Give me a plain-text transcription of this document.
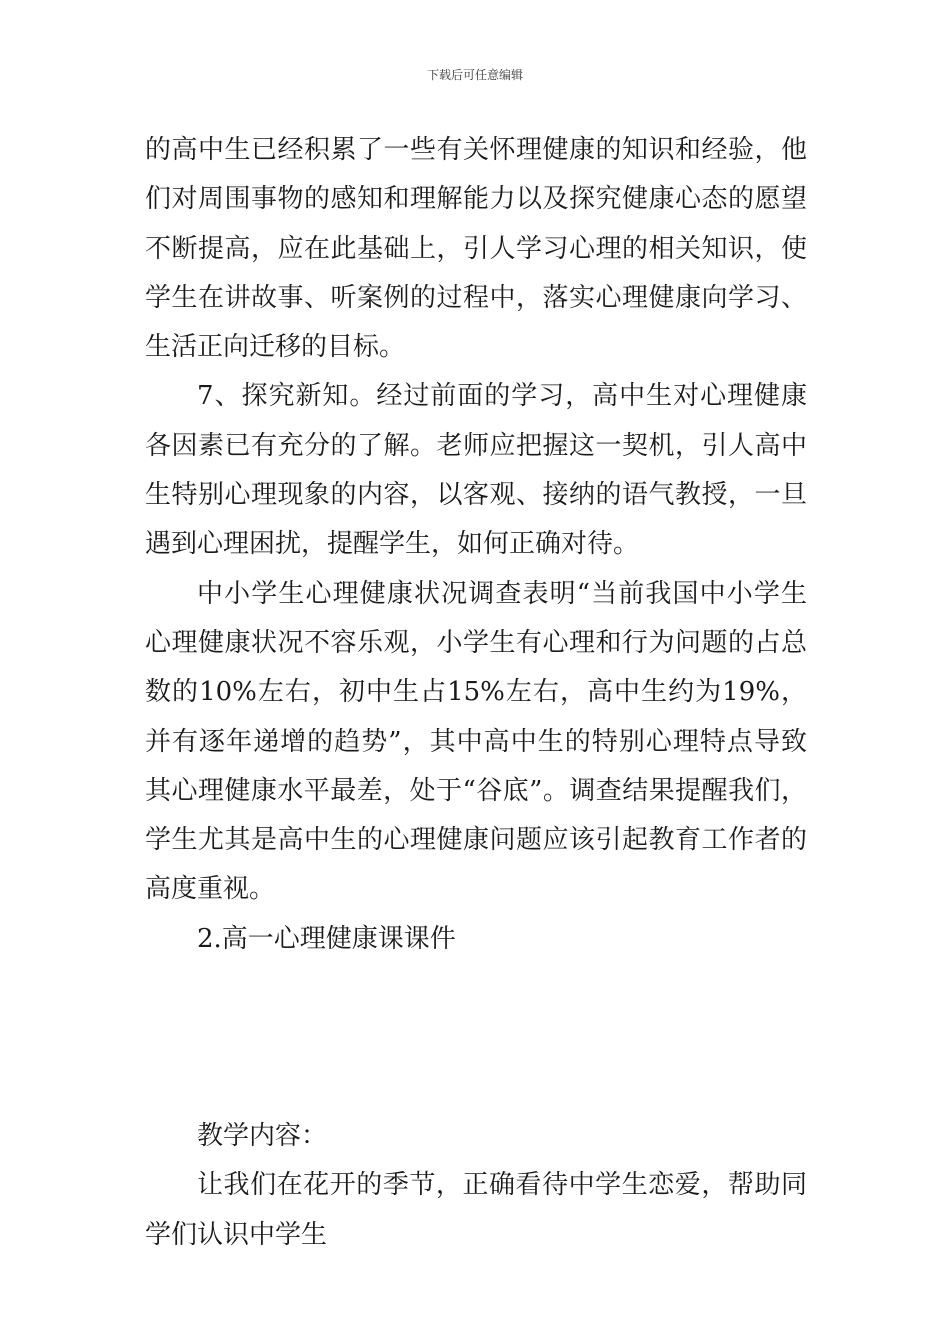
下载后可任意编辑

的高中生已经积累了一些有关怀理健康的知识和经验，他们对周围事物的感知和理解能力以及探究健康心态的愿望不断提高，应在此基础上，引人学习心理的相关知识，使学生在讲故事、听案例的过程中，落实心理健康向学习、生活正向迁移的目标。

7、探究新知。经过前面的学习，高中生对心理健康各因素已有充分的了解。老师应把握这一契机，引人高中生特别心理现象的内容，以客观、接纳的语气教授，一旦遇到心理困扰，提醒学生，如何正确对待。

中小学生心理健康状况调查表明“当前我国中小学生心理健康状况不容乐观，小学生有心理和行为问题的占总数的10%左右，初中生占15%左右，高中生约为19%，并有逐年递增的趋势”，其中高中生的特别心理特点导致其心理健康水平最差，处于“谷底”。调查结果提醒我们，学生尤其是高中生的心理健康问题应该引起教育工作者的高度重视。

2.高一心理健康课课件

教学内容：

让我们在花开的季节，正确看待中学生恋爱，帮助同学们认识中学生
